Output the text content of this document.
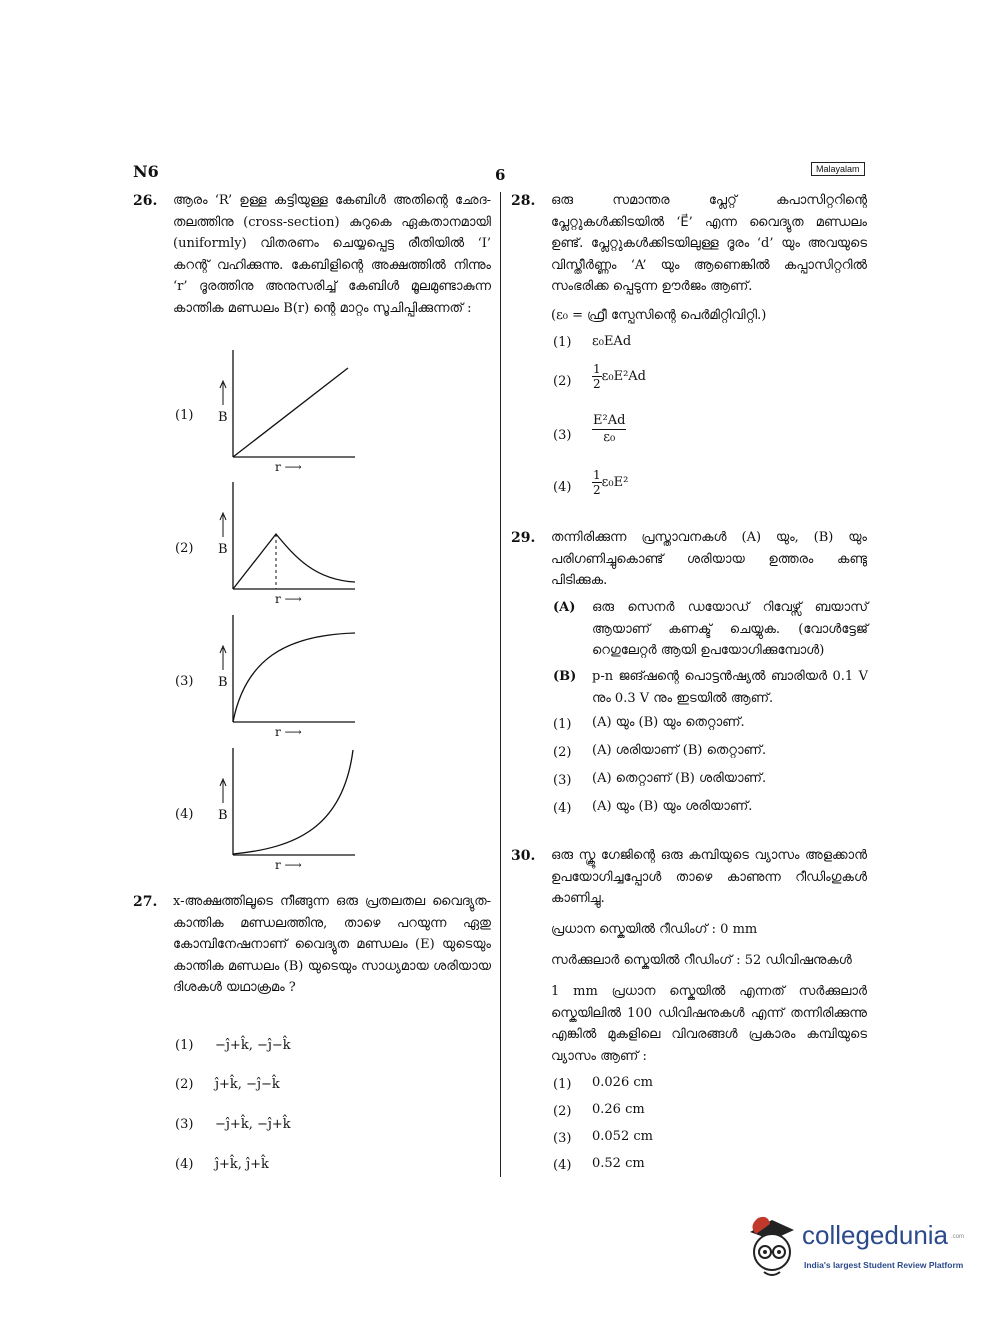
N6	6	Malayalam
26. ആരം ‘R’ ഉള്ള കട്ടിയുള്ള കേബിൾ അതിന്റെ ഛേദ-തലത്തിനു (cross-section) കുറുകെ ഏകതാനമായി (uniformly) വിതരണം ചെയ്യപ്പെട്ട രീതിയിൽ ‘I’ കറന്റ് വഹിക്കുന്നു. കേബിളിന്റെ അക്ഷത്തിൽ നിന്നും ‘r’ ദൂരത്തിനു അനുസരിച്ച് കേബിൾ മൂലമുണ്ടാകുന്ന കാന്തിക മണ്ഡലം B(r) ന്റെ മാറ്റം സൂചിപ്പിക്കുന്നത് :
(1) B
r ⟶
(2) B
r ⟶
(3) B
r ⟶
(4) B
r ⟶
27. x-അക്ഷത്തിലൂടെ നീങ്ങുന്ന ഒരു പ്രതലതല വൈദ്യുത-കാന്തിക മണ്ഡലത്തിനു, താഴെ പറയുന്ന ഏതു കോമ്പിനേഷനാണ് വൈദ്യുത മണ്ഡലം (E) യുടെയും കാന്തിക മണ്ഡലം (B) യുടെയും സാധ്യമായ ശരിയായ ദിശകൾ യഥാക്രമം ?
(1) −ĵ+k̂, −ĵ−k̂
(2) ĵ+k̂, −ĵ−k̂
(3) −ĵ+k̂, −ĵ+k̂
(4) ĵ+k̂, ĵ+k̂
28. ഒരു സമാന്തര പ്ലേറ്റ് കപാസിറ്ററിന്റെ പ്ലേറ്റുകൾക്കിടയിൽ ‘E⃗’ എന്ന വൈദ്യുത മണ്ഡലം ഉണ്ട്. പ്ലേറ്റുകൾക്കിടയിലുള്ള ദൂരം ‘d’ യും അവയുടെ വിസ്തീർണ്ണം ‘A’ യും ആണെങ്കിൽ കപ്പാസിറ്ററിൽ സംഭരിക്ക പ്പെടുന്ന ഊർജം ആണ്.
(ε₀ = ഫ്രീ സ്പേസിന്റെ പെർമിറ്റിവിറ്റി.)
(1) ε₀EAd
$(2) \frac{1}{2} \varepsilon_0E^2Ad$
$(3) \frac{\text{E²Ad}}{\text{ε₀}}$
$(4) \frac{1}{2} \varepsilon_0E^2$
29. തന്നിരിക്കുന്ന പ്രസ്താവനകൾ (A) യും, (B) യും പരിഗണിച്ചുകൊണ്ട് ശരിയായ ഉത്തരം കണ്ടു പിടിക്കുക.
(A) ഒരു സെനർ ഡയോഡ് റിവേഴ്സ് ബയാസ് ആയാണ് കണക്ട് ചെയ്യുക. (വോൾട്ടേജ് റെഗുലേറ്റർ ആയി ഉപയോഗിക്കുമ്പോൾ)
(B) p-n ജങ്ഷന്റെ പൊട്ടൻഷ്യൽ ബാരിയർ 0.1 V നും 0.3 V നും ഇടയിൽ ആണ്.
(1) (A) യും (B) യും തെറ്റാണ്.
(2) (A) ശരിയാണ് (B) തെറ്റാണ്.
(3) (A) തെറ്റാണ് (B) ശരിയാണ്.
(4) (A) യും (B) യും ശരിയാണ്.
30. ഒരു സ്ക്രൂ ഗേജിന്റെ ഒരു കമ്പിയുടെ വ്യാസം അളക്കാൻ ഉപയോഗിച്ചപ്പോൾ താഴെ കാണുന്ന റീഡിംഗുകൾ കാണിച്ചു.
പ്രധാന സ്കെയിൽ റീഡിംഗ് : 0 mm
സർക്കുലാർ സ്കെയിൽ റീഡിംഗ് : 52 ഡിവിഷനുകൾ
1 mm പ്രധാന സ്കെയിൽ എന്നത് സർക്കുലാർ സ്കെയിലിൽ 100 ഡിവിഷനുകൾ എന്ന് തന്നിരിക്കുന്നു എങ്കിൽ മുകളിലെ വിവരങ്ങൾ പ്രകാരം കമ്പിയുടെ വ്യാസം ആണ് :
(1) 0.026 cm
(2) 0.26 cm
(3) 0.052 cm
(4) 0.52 cm
collegedunia .com
India's largest Student Review Platform
